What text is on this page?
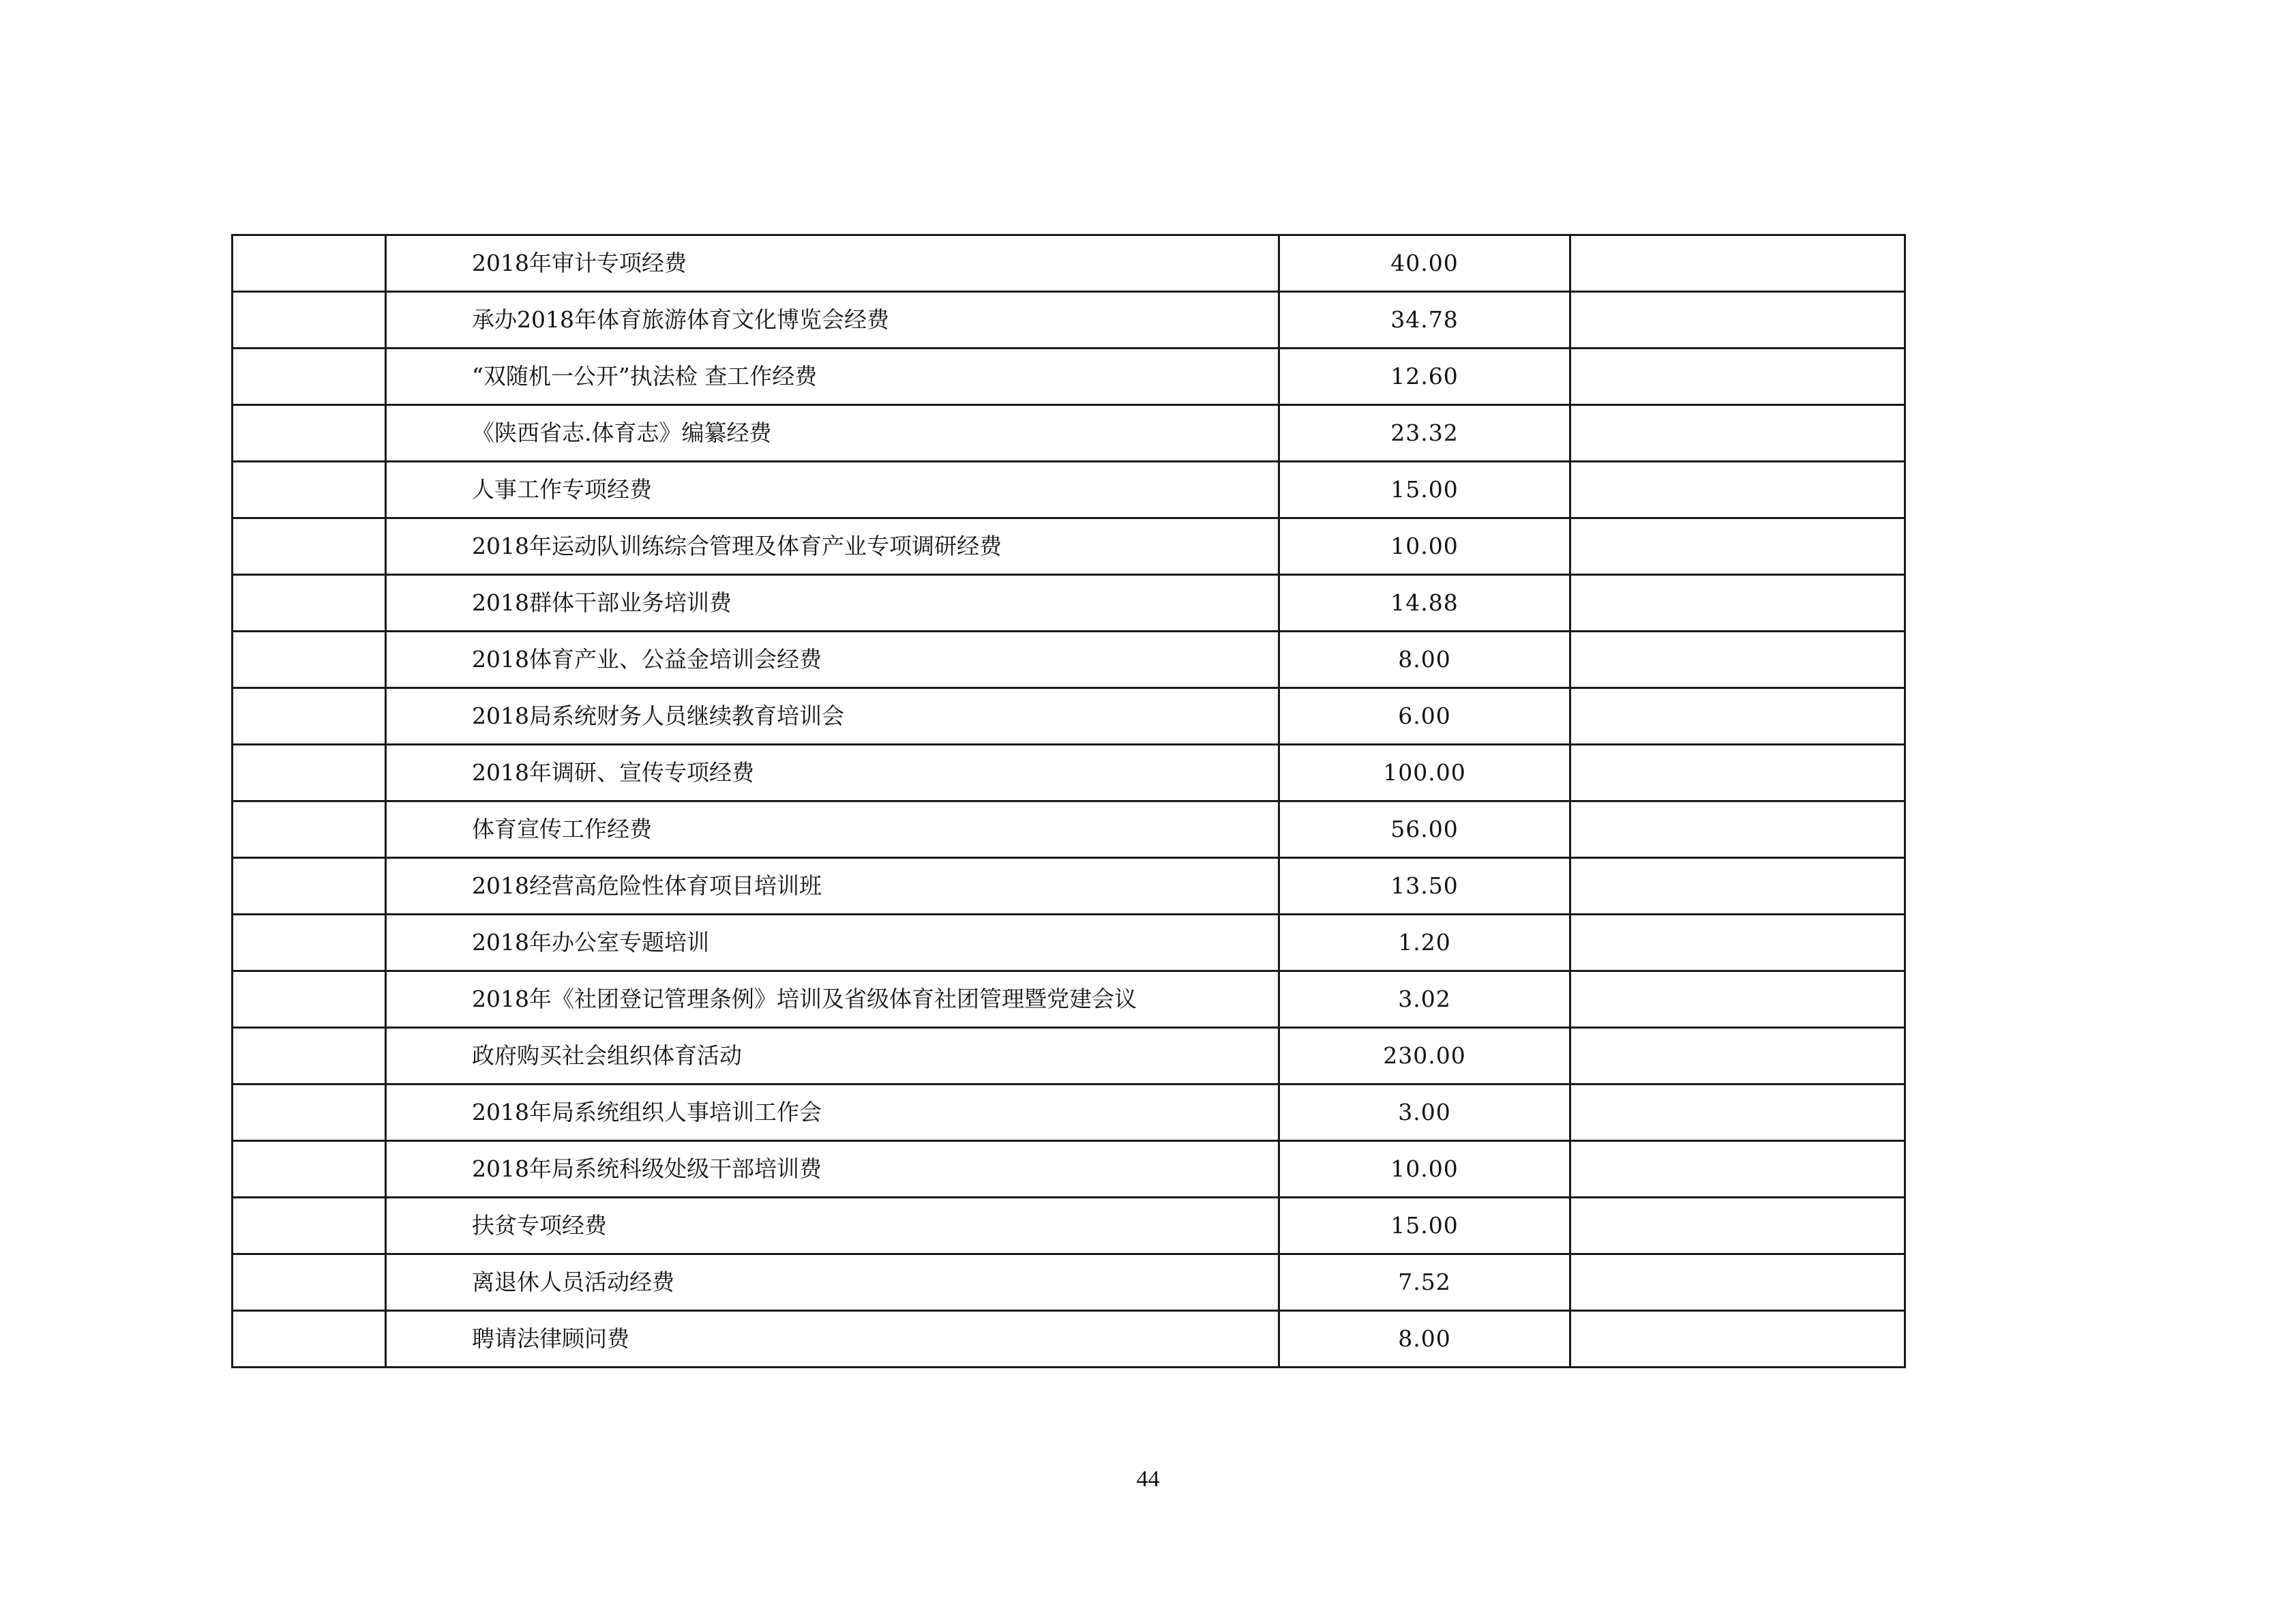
	2018年审计专项经费	40.00	
	承办2018年体育旅游体育文化博览会经费	34.78	
	“双随机一公开”执法检 查工作经费	12.60	
	《陕西省志.体育志》编纂经费	23.32	
	人事工作专项经费	15.00	
	2018年运动队训练综合管理及体育产业专项调研经费	10.00	
	2018群体干部业务培训费	14.88	
	2018体育产业、公益金培训会经费	8.00	
	2018局系统财务人员继续教育培训会	6.00	
	2018年调研、宣传专项经费	100.00	
	体育宣传工作经费	56.00	
	2018经营高危险性体育项目培训班	13.50	
	2018年办公室专题培训	1.20	
	2018年《社团登记管理条例》培训及省级体育社团管理暨党建会议	3.02	
	政府购买社会组织体育活动	230.00	
	2018年局系统组织人事培训工作会	3.00	
	2018年局系统科级处级干部培训费	10.00	
	扶贫专项经费	15.00	
	离退休人员活动经费	7.52	
	聘请法律顾问费	8.00	
44
